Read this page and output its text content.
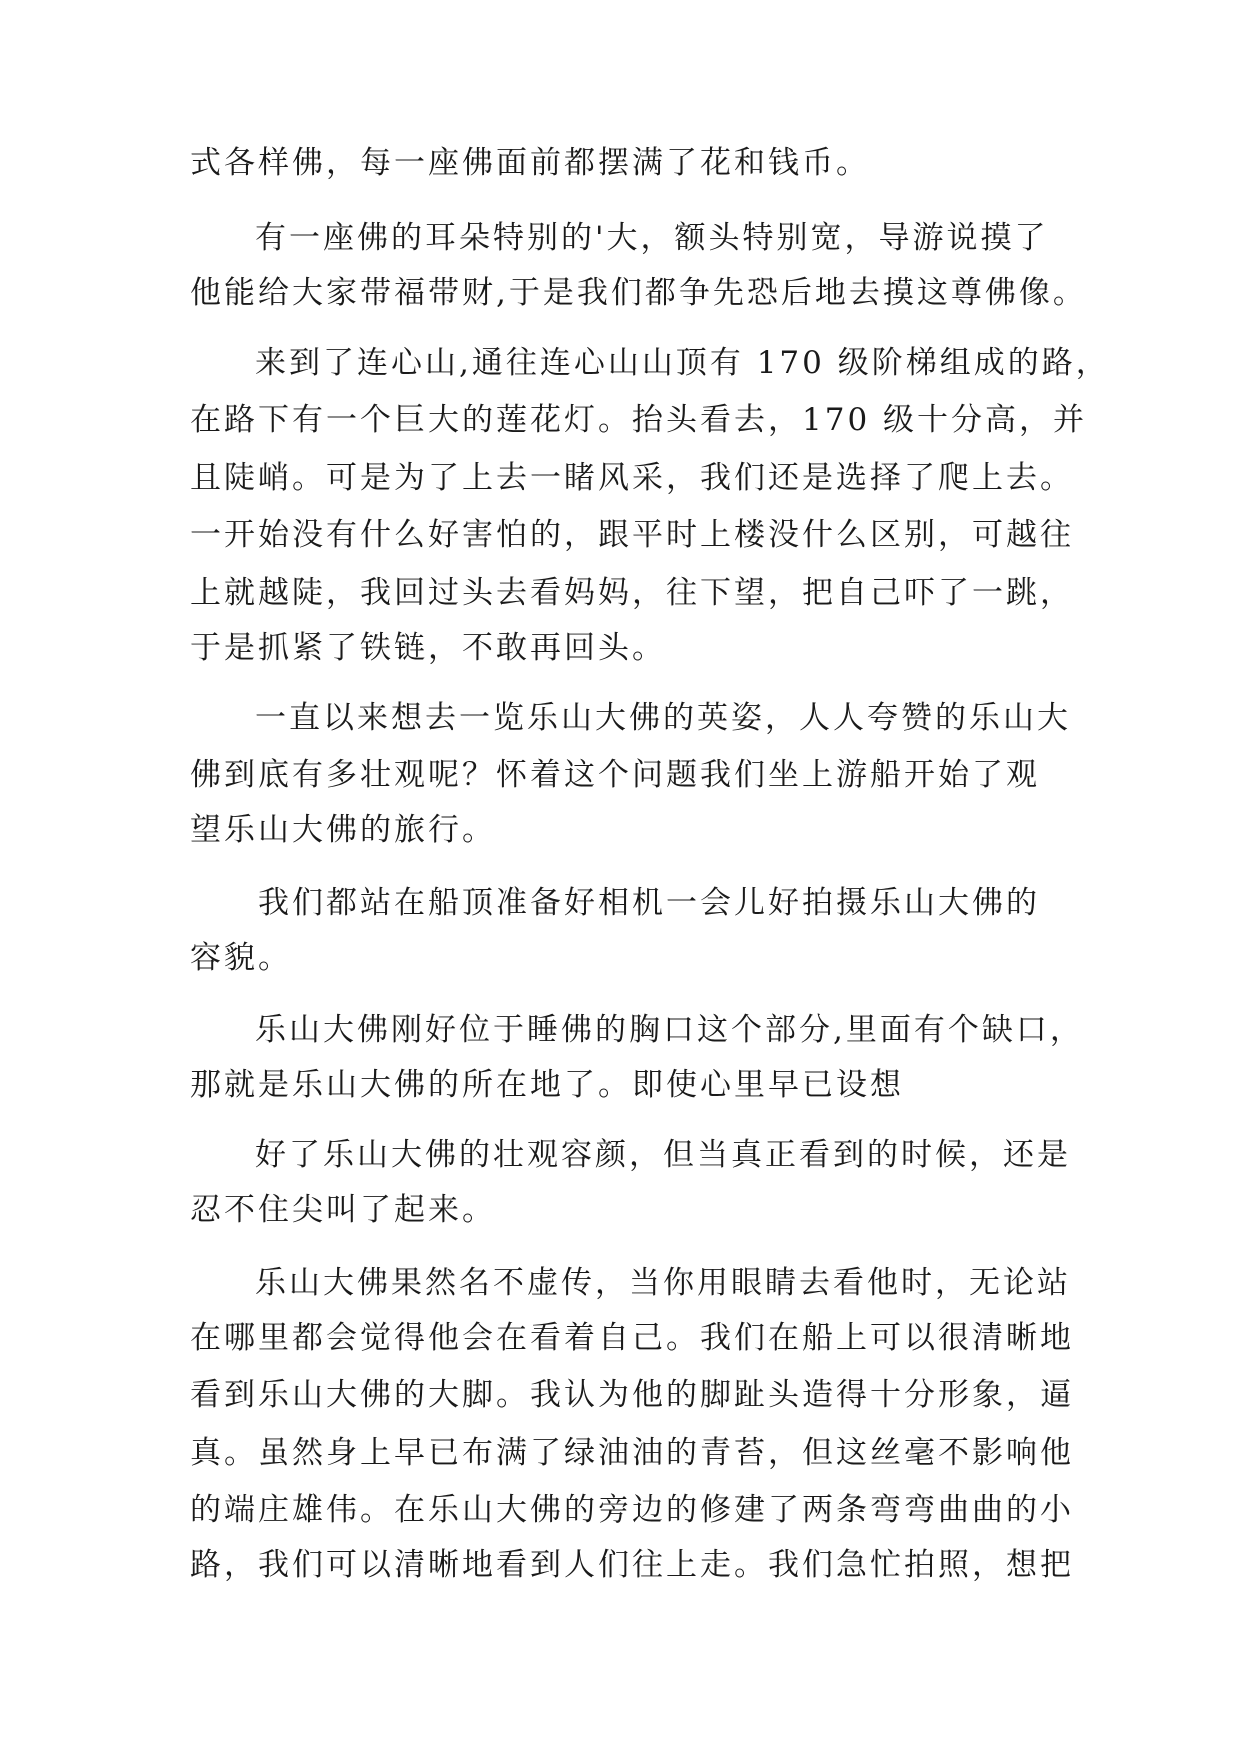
式各样佛，每一座佛面前都摆满了花和钱币。
有一座佛的耳朵特别的'大，额头特别宽，导游说摸了
他能给大家带福带财,于是我们都争先恐后地去摸这尊佛像。
来到了连心山,通往连心山山顶有 170 级阶梯组成的路，
在路下有一个巨大的莲花灯。抬头看去，170 级十分高，并
且陡峭。可是为了上去一睹风采，我们还是选择了爬上去。
一开始没有什么好害怕的，跟平时上楼没什么区别，可越往
上就越陡，我回过头去看妈妈，往下望，把自己吓了一跳，
于是抓紧了铁链，不敢再回头。
一直以来想去一览乐山大佛的英姿，人人夸赞的乐山大
佛到底有多壮观呢？怀着这个问题我们坐上游船开始了观
望乐山大佛的旅行。
我们都站在船顶准备好相机一会儿好拍摄乐山大佛的
容貌。
乐山大佛刚好位于睡佛的胸口这个部分,里面有个缺口，
那就是乐山大佛的所在地了。即使心里早已设想
好了乐山大佛的壮观容颜，但当真正看到的时候，还是
忍不住尖叫了起来。
乐山大佛果然名不虚传，当你用眼睛去看他时，无论站
在哪里都会觉得他会在看着自己。我们在船上可以很清晰地
看到乐山大佛的大脚。我认为他的脚趾头造得十分形象，逼
真。虽然身上早已布满了绿油油的青苔，但这丝毫不影响他
的端庄雄伟。在乐山大佛的旁边的修建了两条弯弯曲曲的小
路，我们可以清晰地看到人们往上走。我们急忙拍照，想把
